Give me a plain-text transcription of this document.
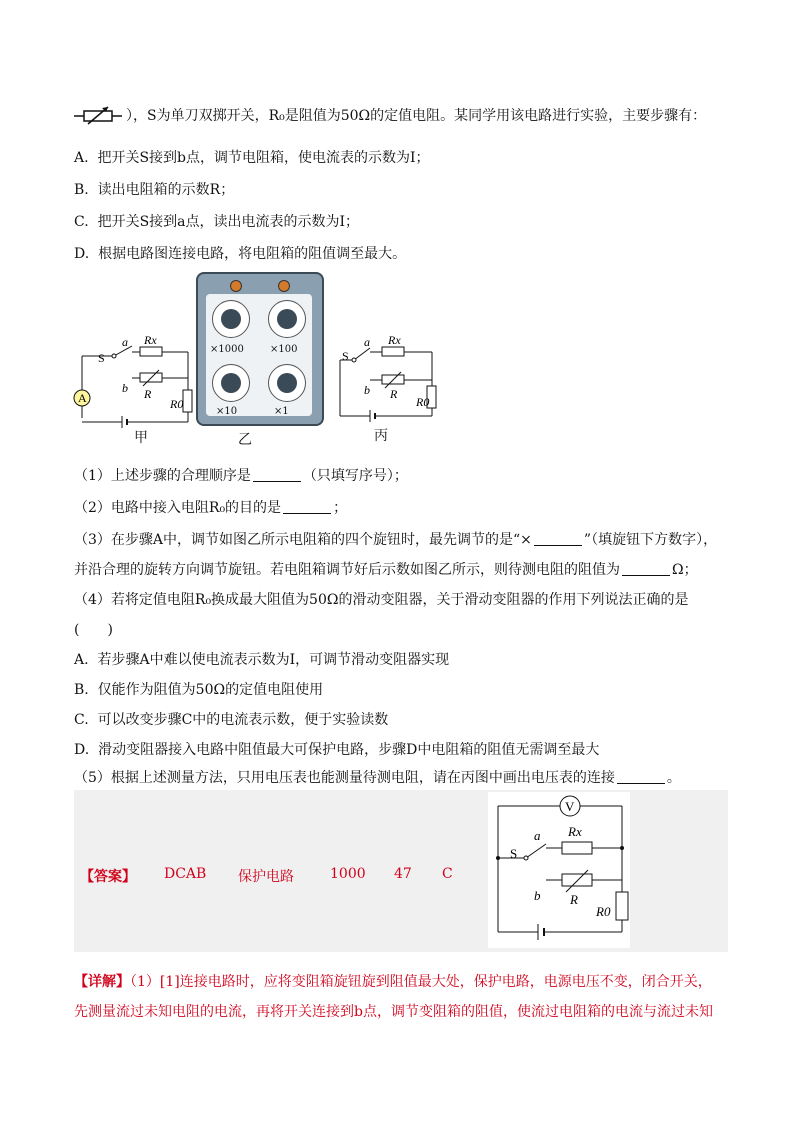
），S为单刀双掷开关，R₀是阻值为50Ω的定值电阻。某同学用该电路进行实验，主要步骤有：
A. 把开关S接到b点，调节电阻箱，使电流表的示数为I；
B. 读出电阻箱的示数R；
C. 把开关S接到a点，读出电流表的示数为I；
D. 根据电路图连接电路，将电阻箱的阻值调至最大。
A
S
a
b
Rx
R
R0
甲
×1000	×100
×10	×1
乙
S
a
b
Rx
R
R0
丙
（1）上述步骤的合理顺序是	（只填写序号）；
（2）电路中接入电阻R₀的目的是	；
（3）在步骤A中，调节如图乙所示电阻箱的四个旋钮时，最先调节的是“×	”（填旋钮下方数字），
并沿合理的旋转方向调节旋钮。若电阻箱调节好后示数如图乙所示，则待测电阻的阻值为	Ω；
（4）若将定值电阻R₀换成最大阻值为50Ω的滑动变阻器，关于滑动变阻器的作用下列说法正确的是
(　　)
A. 若步骤A中难以使电流表示数为I，可调节滑动变阻器实现
B. 仅能作为阻值为50Ω的定值电阻使用
C. 可以改变步骤C中的电流表示数，便于实验读数
D. 滑动变阻器接入电路中阻值最大可保护电路，步骤D中电阻箱的阻值无需调至最大
（5）根据上述测量方法，只用电压表也能测量待测电阻，请在丙图中画出电压表的连接	。
V
S
a
b
Rx
R
R0
【答案】 DCAB 保护电路	1000 47 C
【详解】（1）[1]连接电路时，应将变阻箱旋钮旋到阻值最大处，保护电路，电源电压不变，闭合开关，
先测量流过未知电阻的电流，再将开关连接到b点，调节变阻箱的阻值，使流过电阻箱的电流与流过未知
